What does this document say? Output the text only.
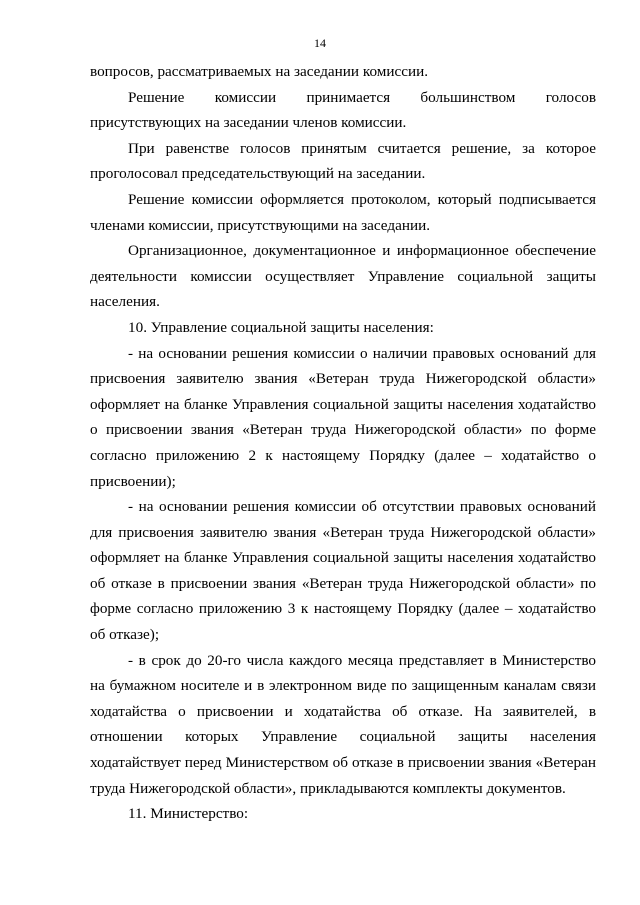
14

вопросов, рассматриваемых на заседании комиссии.

Решение комиссии принимается большинством голосов присутствующих на заседании членов комиссии.

При равенстве голосов принятым считается решение, за которое проголосовал председательствующий на заседании.

Решение комиссии оформляется протоколом, который подписывается членами комиссии, присутствующими на заседании.

Организационное, документационное и информационное обеспечение деятельности комиссии осуществляет Управление социальной защиты населения.

10. Управление социальной защиты населения:

- на основании решения комиссии о наличии правовых оснований для присвоения заявителю звания «Ветеран труда Нижегородской области» оформляет на бланке Управления социальной защиты населения ходатайство о присвоении звания «Ветеран труда Нижегородской области» по форме согласно приложению 2 к настоящему Порядку (далее – ходатайство о присвоении);

- на основании решения комиссии об отсутствии правовых оснований для присвоения заявителю звания «Ветеран труда Нижегородской области» оформляет на бланке Управления социальной защиты населения ходатайство об отказе в присвоении звания «Ветеран труда Нижегородской области» по форме согласно приложению 3 к настоящему Порядку (далее – ходатайство об отказе);

- в срок до 20-го числа каждого месяца представляет в Министерство на бумажном носителе и в электронном виде по защищенным каналам связи ходатайства о присвоении и ходатайства об отказе. На заявителей, в отношении которых Управление социальной защиты населения ходатайствует перед Министерством об отказе в присвоении звания «Ветеран труда Нижегородской области», прикладываются комплекты документов.

11. Министерство:
